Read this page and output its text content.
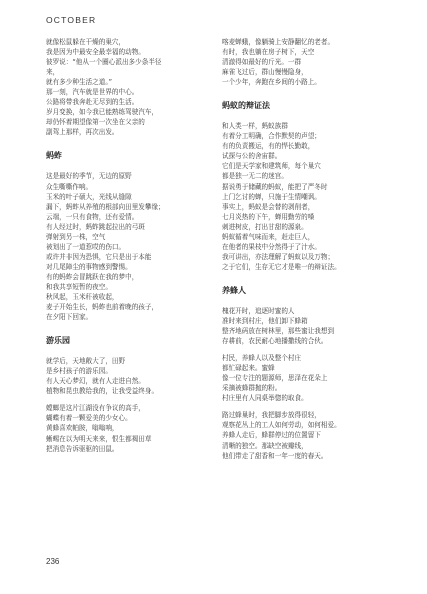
OCTOBER

就像松鼠躲在干燥的巢穴，
我是因为中最安全最幸福的动物。
彼罗说：“他从一个圈心派出多少条半径
来，
就有多少种生活之道。”
那一刻，汽车就是世界的中心。
公路将带我奔赴无尽到的生活。
岁月变换，如今我已能熟练驾驶汽车，
却仍怀着期望像第一次坐在父亲的
副驾上那样，再次出发。

蚂蚱

这是最好的季节，无边的原野
众生嘶嘶作响。
玉米的叶子硕大，光线从缝隙
漏下，蚂蚱从养殖的根部向田里发攀缘；
云端，一只有食物，还有爱情。
有人经过时，蚂蚱跳起拉出的弓斑
弹射到另一株，空气
被划出了一道惹哎的伤口。
或许并非因为恐惧，它只是出于本能
对几尾障尘的事物感到警惕。
有的蚂蚱会冒跳跃在我的梦中，
和我共享短暂的夜空。
秋风起，玉米秆被收起，
麦子开始生长，蚂蚱也前着晚的孩子，
在夕阳下回家。

游乐园

就学后，天地敞大了，田野
是乡村孩子的游乐园。
有人天心梦幻，就有人走进自然。
植物和昆虫教给我的，让我受益终身。

螳螂是这片江湖没有争议的高手，
蝴蝶有着一颗爱美的少女心。
黄蜂喜欢帕胺，嗡嗡响，
蜥蜴在以为明天来来，恨生都褐田草
把消息告诉驱驱的田鼠。

喀麦蝉蛾，像躺骑上安静翻忆的老者。
有时，我也躺在房子树下，天空
清澈得如最好的斤光。一群
麻雀飞过后，群山慢慢隐身，
一个少年，奔跑在乡间的小路上。

蚂蚁的辩证法

和人类一样，蚂蚁族群
有着分工明确，合作默契的声望；
有的负责搬运，有的悍长勤敢，
试探与公的舍宙群。
它们是天学家和建筑师，每个巢穴
都是独一无二的迷宫。
据说勇于储藏的蚂蚁，能把了严冬时
上门乞讨的蝉，只施于生情嘲讽。
事实上，蚂蚁是会替的剥削者，
七月炎热的下午，蝉用勤劳的嗓
刺进树皮，打出甘甜的源泉。
蚂蚁循着气味而来，赶走巨人，
在他者的果枝中分然得于了汁水。
我可讲出，亦法理解了蚂蚁以及万物；
之于它们，生存无它才是唯一的辩证法。

养蜂人

槐花开时，追逐时蜜的人
准时来到村庄，他们卸下蜂箱
整齐地码放在树林里，那些蜜让我想到
存耕前，农民耐心地播撒线的合伙。

村民，养蜂人以及整个村庄
都忙碌起来。蜜蜂
像一位专注的题源师，思泽在花朵上
采摘被蜂群抛的粉。
村庄里有人同桌举惚的取食。

路过蜂巢时，我把脚步放得很轻，
观察花丛上的工人如何劳动，如何相爱。
养蜂人走后，蜂群停过的位置留下
清晰的独空。那缺空被瓣线，
他们带走了甜香和一年一度的春天。

236
